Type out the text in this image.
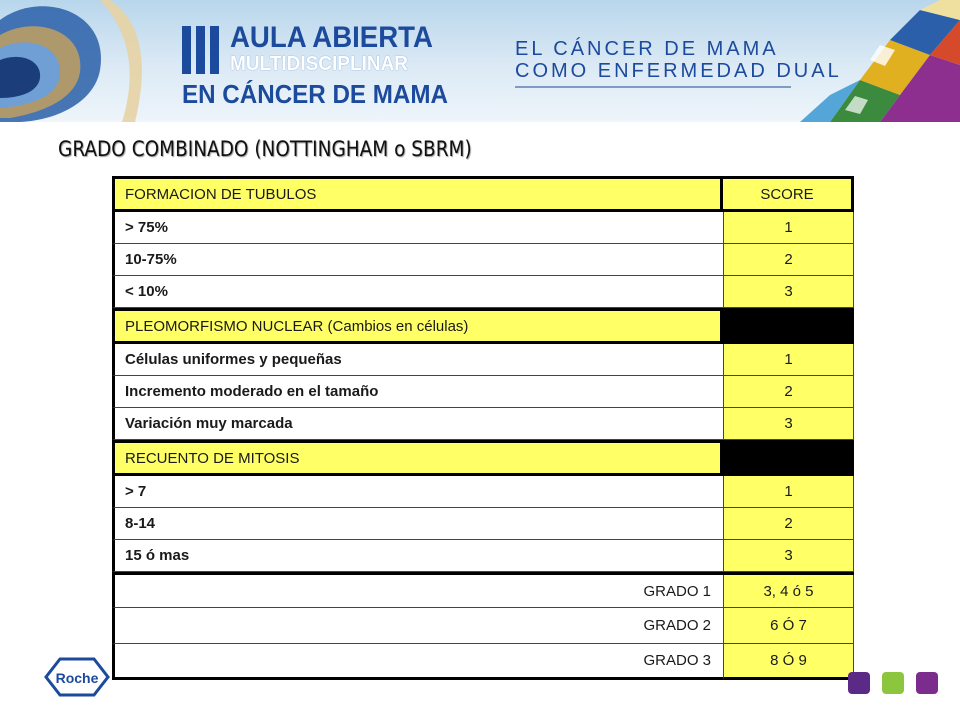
AULA ABIERTA
MULTIDISCIPLINAR
EN CÁNCER DE MAMA
EL CÁNCER DE MAMA
COMO ENFERMEDAD DUAL
GRADO COMBINADO (NOTTINGHAM o SBRM)
FORMACION DE TUBULOS	SCORE
> 75%	1
10-75%	2
< 10%	3
PLEOMORFISMO NUCLEAR (Cambios en células)
Células uniformes y pequeñas	1
Incremento moderado en el tamaño	2
Variación muy marcada	3
RECUENTO DE MITOSIS
> 7	1
8-14	2
15 ó mas	3
GRADO 1	3, 4 ó 5
GRADO 2	6 Ó 7
GRADO 3	8 Ó 9
Roche
